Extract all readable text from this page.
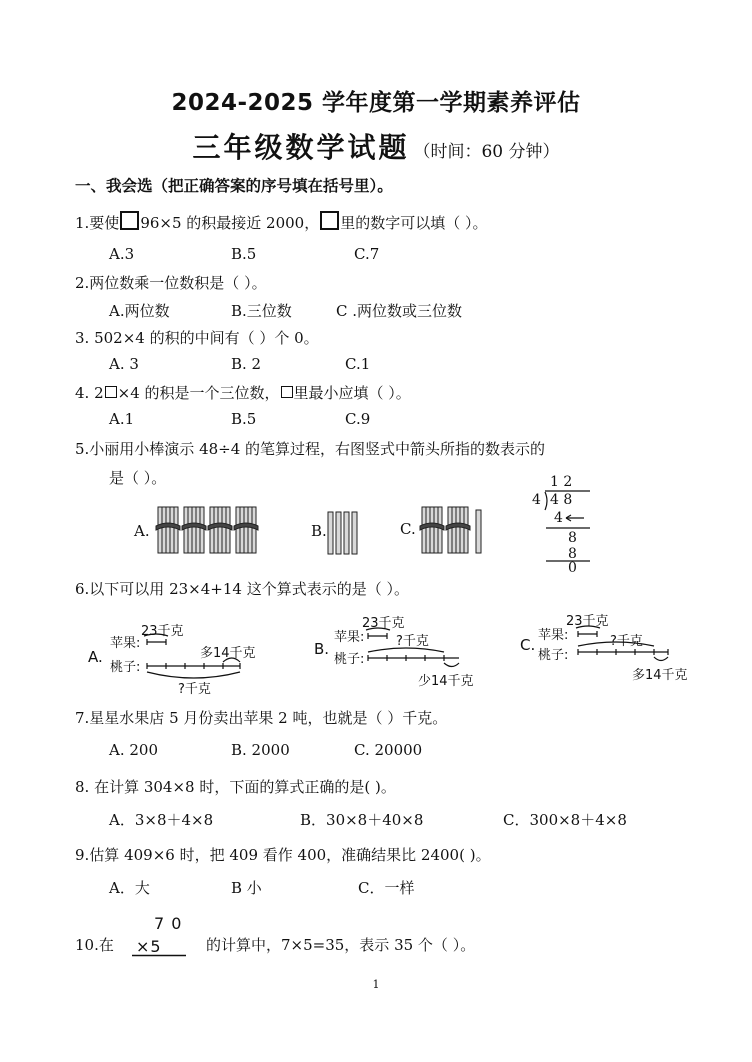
2024-2025 学年度第一学期素养评估
三年级数学试题 （时间：60 分钟）
一、我会选（把正确答案的序号填在括号里）。
1.要使 96×5 的积最接近 2000， 里的数字可以填（ ）。
A.3	B.5	C.7
2.两位数乘一位数积是（ ）。
A.两位数	B.三位数	C .两位数或三位数
3. 502×4 的积的中间有（ ）个 0。
A. 3	B. 2	C.1
4. 2 ×4 的积是一个三位数， 里最小应填（ ）。
A.1	B.5	C.9
5.小丽用小棒演示 48÷4 的笔算过程，右图竖式中箭头所指的数表示的
是（ ）。
A.	B.	C.
1 2
4 4 8
4
8
8
0
6.以下可以用 23×4+14 这个算式表示的是（ ）。
A.
23千克
苹果:
桃子:
多14千克
?千克
B.
23千克
苹果:
桃子:
?千克
少14千克
C.
23千克
苹果:
桃子:
?千克
多14千克
7.星星水果店 5 月份卖出苹果 2 吨，也就是（ ）千克。
A. 200	B. 2000	C. 20000
8. 在计算 304×8 时，下面的算式正确的是( )。
A．3×8＋4×8	B．30×8＋40×8	C．300×8＋4×8
9.估算 409×6 时，把 409 看作 400，准确结果比 2400( )。
A．大	B 小	C．一样
10.在
7 0
×5	的计算中，7×5=35，表示 35 个（ ）。
1
